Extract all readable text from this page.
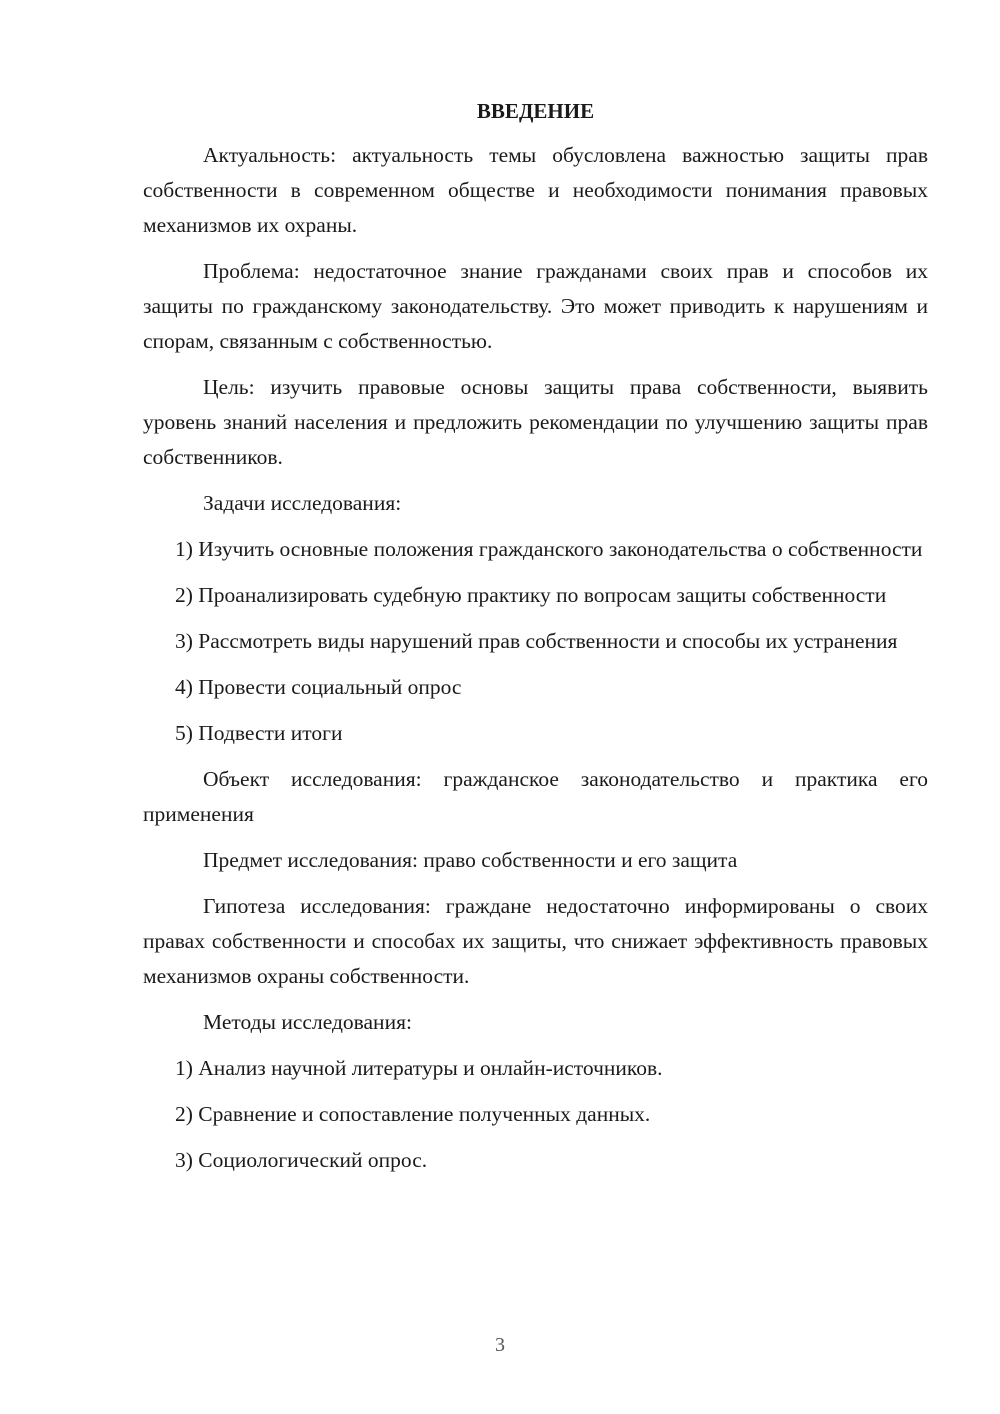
ВВЕДЕНИЕ

Актуальность: актуальность темы обусловлена важностью защиты прав собственности в современном обществе и необходимости понимания правовых механизмов их охраны.

Проблема: недостаточное знание гражданами своих прав и способов их защиты по гражданскому законодательству. Это может приводить к нарушениям и спорам, связанным с собственностью.

Цель: изучить правовые основы защиты права собственности, выявить уровень знаний населения и предложить рекомендации по улучшению защиты прав собственников.

Задачи исследования:

1) Изучить основные положения гражданского законодательства о собственности

2) Проанализировать судебную практику по вопросам защиты собственности

3) Рассмотреть виды нарушений прав собственности и способы их устранения

4) Провести социальный опрос

5) Подвести итоги

Объект исследования: гражданское законодательство и практика его применения

Предмет исследования: право собственности и его защита

Гипотеза исследования: граждане недостаточно информированы о своих правах собственности и способах их защиты, что снижает эффективность правовых механизмов охраны собственности.

Методы исследования:

1) Анализ научной литературы и онлайн-источников.

2) Сравнение и сопоставление полученных данных.

3) Социологический опрос.

3
